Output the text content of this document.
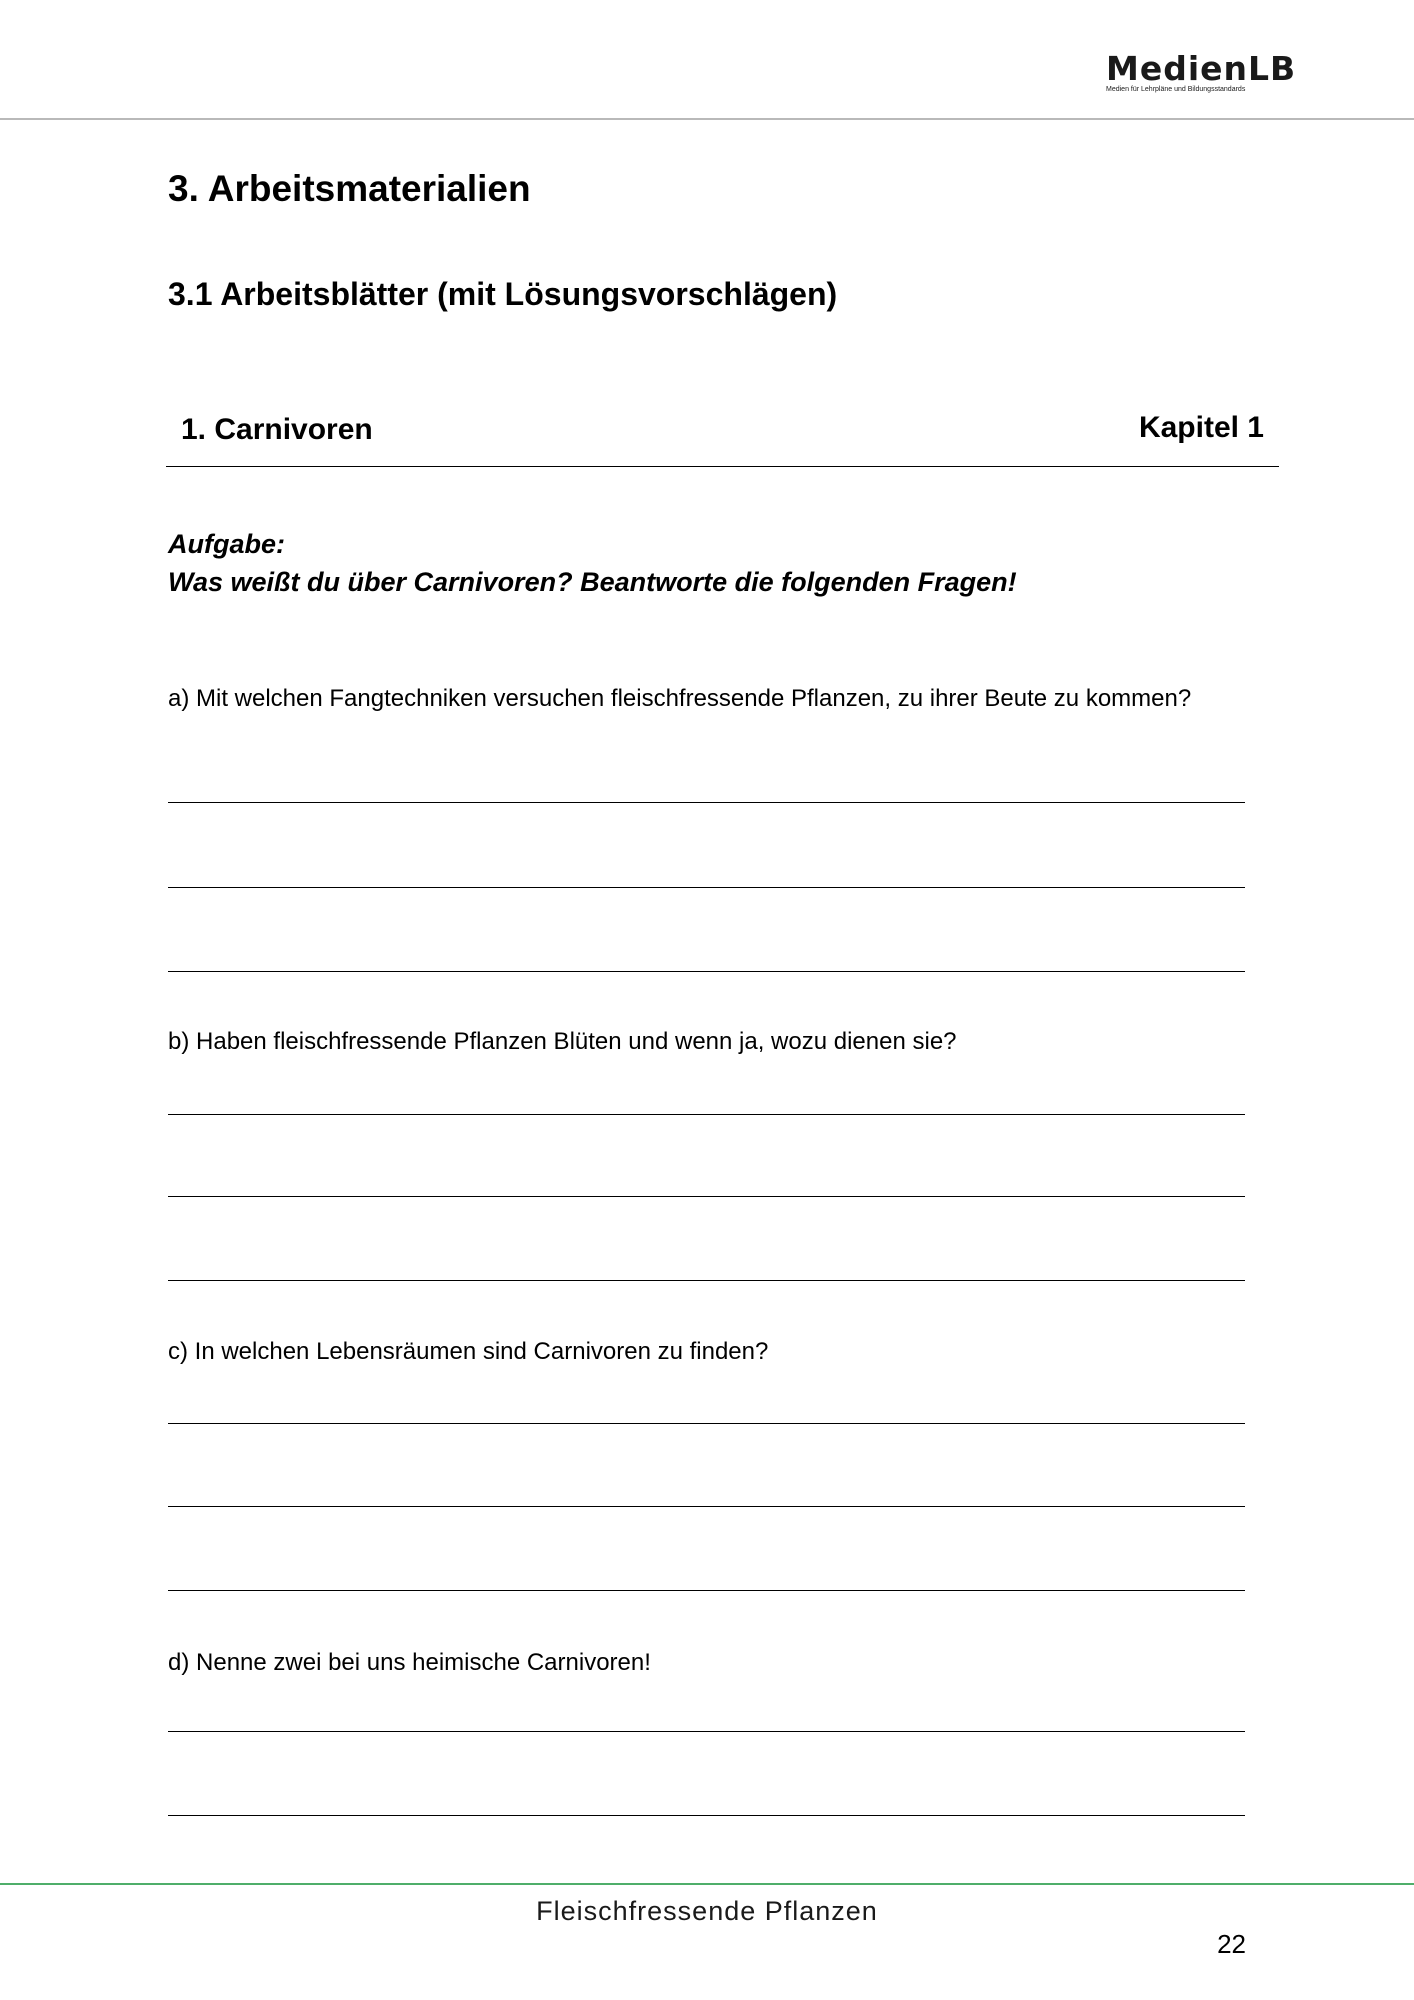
MedienLB
Medien für Lehrpläne und Bildungsstandards
3. Arbeitsmaterialien
3.1 Arbeitsblätter (mit Lösungsvorschlägen)
1. Carnivoren	Kapitel 1
Aufgabe:
Was weißt du über Carnivoren? Beantworte die folgenden Fragen!
a) Mit welchen Fangtechniken versuchen fleischfressende Pflanzen, zu ihrer Beute zu kommen?
b) Haben fleischfressende Pflanzen Blüten und wenn ja, wozu dienen sie?
c) In welchen Lebensräumen sind Carnivoren zu finden?
d) Nenne zwei bei uns heimische Carnivoren!
Fleischfressende Pflanzen
22
